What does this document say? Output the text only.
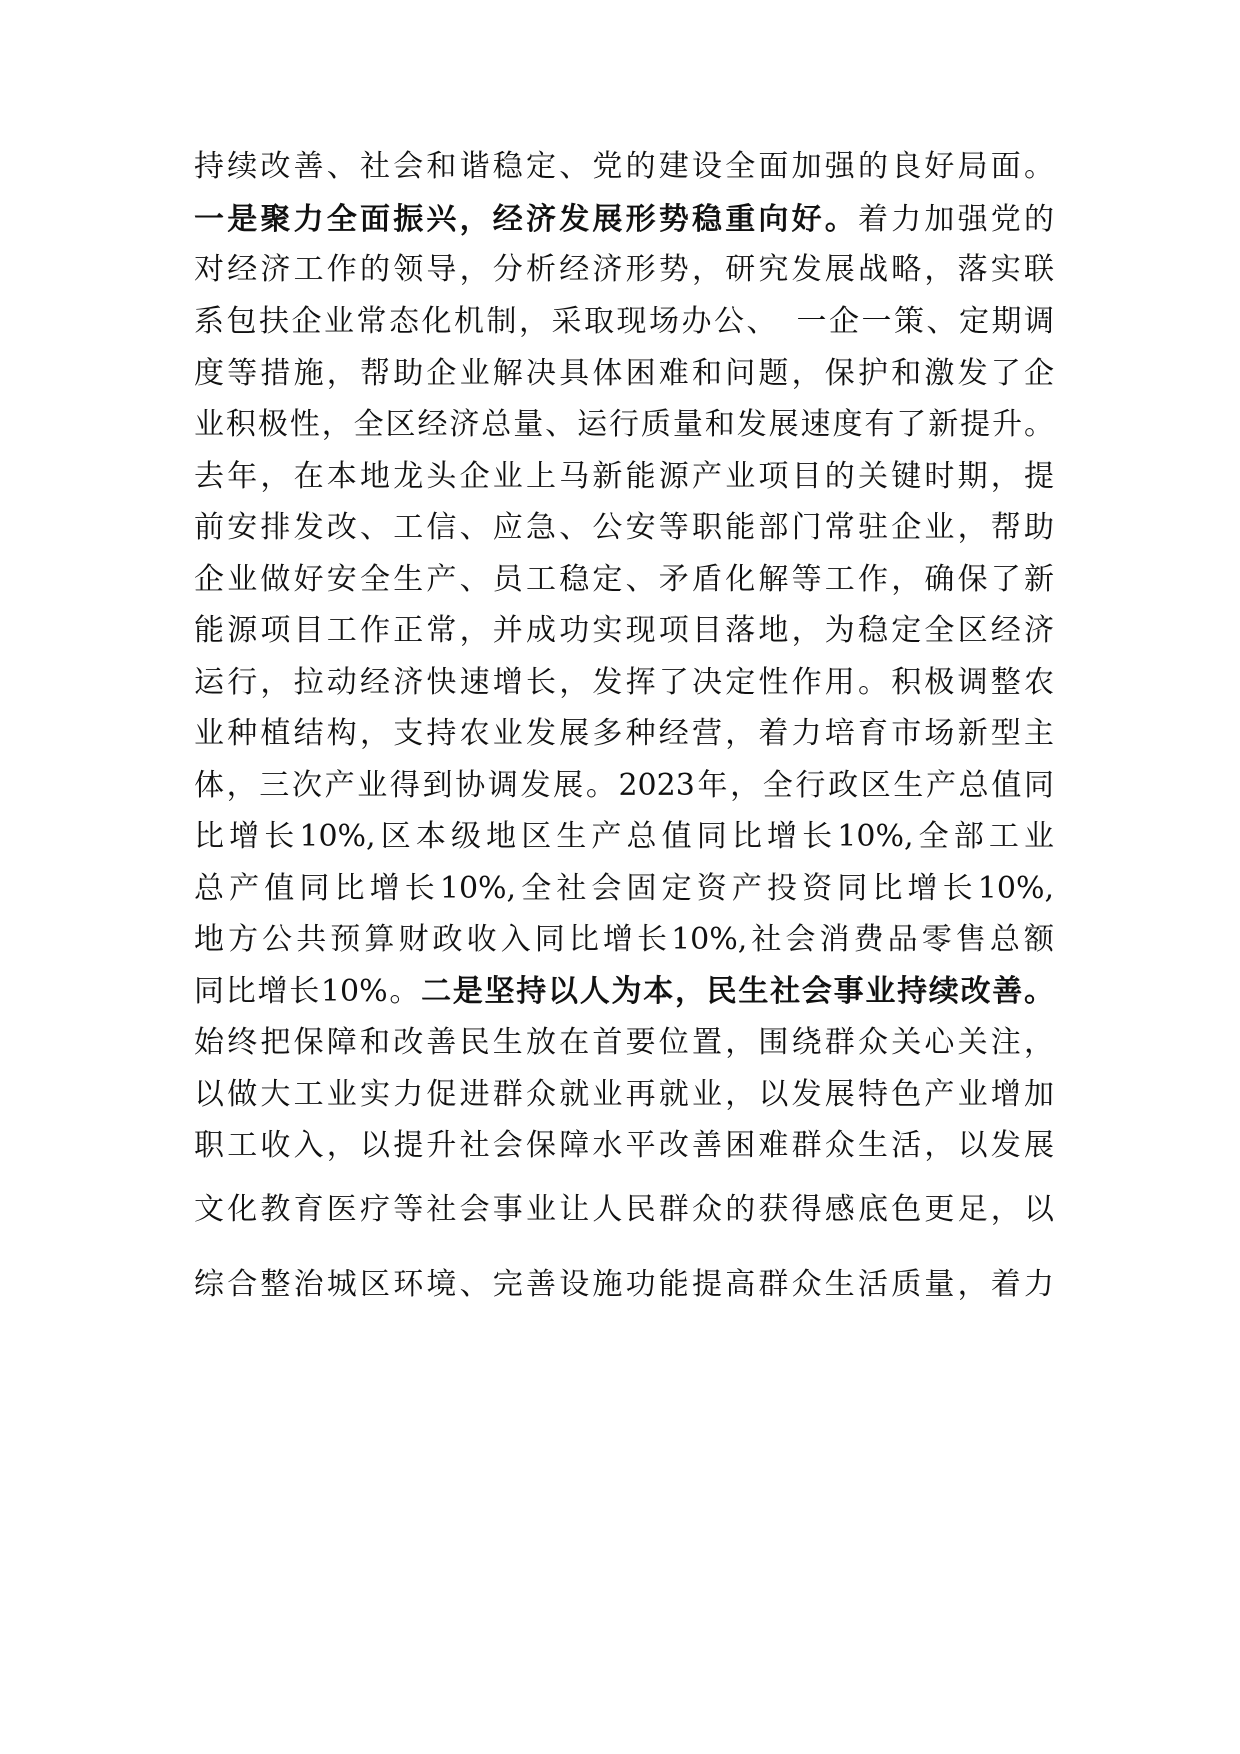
持续改善、社会和谐稳定、党的建设全面加强的良好局面。
一是聚力全面振兴，经济发展形势稳重向好。着力加强党的
对经济工作的领导，分析经济形势，研究发展战略，落实联
系包扶企业常态化机制，采取现场办公、　一企一策、定期调
度等措施，帮助企业解决具体困难和问题，保护和激发了企
业积极性，全区经济总量、运行质量和发展速度有了新提升。
去年，在本地龙头企业上马新能源产业项目的关键时期，提
前安排发改、工信、应急、公安等职能部门常驻企业，帮助
企业做好安全生产、员工稳定、矛盾化解等工作，确保了新
能源项目工作正常，并成功实现项目落地，为稳定全区经济
运行，拉动经济快速增长，发挥了决定性作用。积极调整农
业种植结构，支持农业发展多种经营，着力培育市场新型主
体，三次产业得到协调发展。2023年，全行政区生产总值同
比增长10%,区本级地区生产总值同比增长10%,全部工业
总产值同比增长10%,全社会固定资产投资同比增长10%,
地方公共预算财政收入同比增长10%,社会消费品零售总额
同比增长10%。二是坚持以人为本，民生社会事业持续改善。
始终把保障和改善民生放在首要位置，围绕群众关心关注，
以做大工业实力促进群众就业再就业，以发展特色产业增加
职工收入，以提升社会保障水平改善困难群众生活，以发展
文化教育医疗等社会事业让人民群众的获得感底色更足，以
综合整治城区环境、完善设施功能提高群众生活质量，着力
